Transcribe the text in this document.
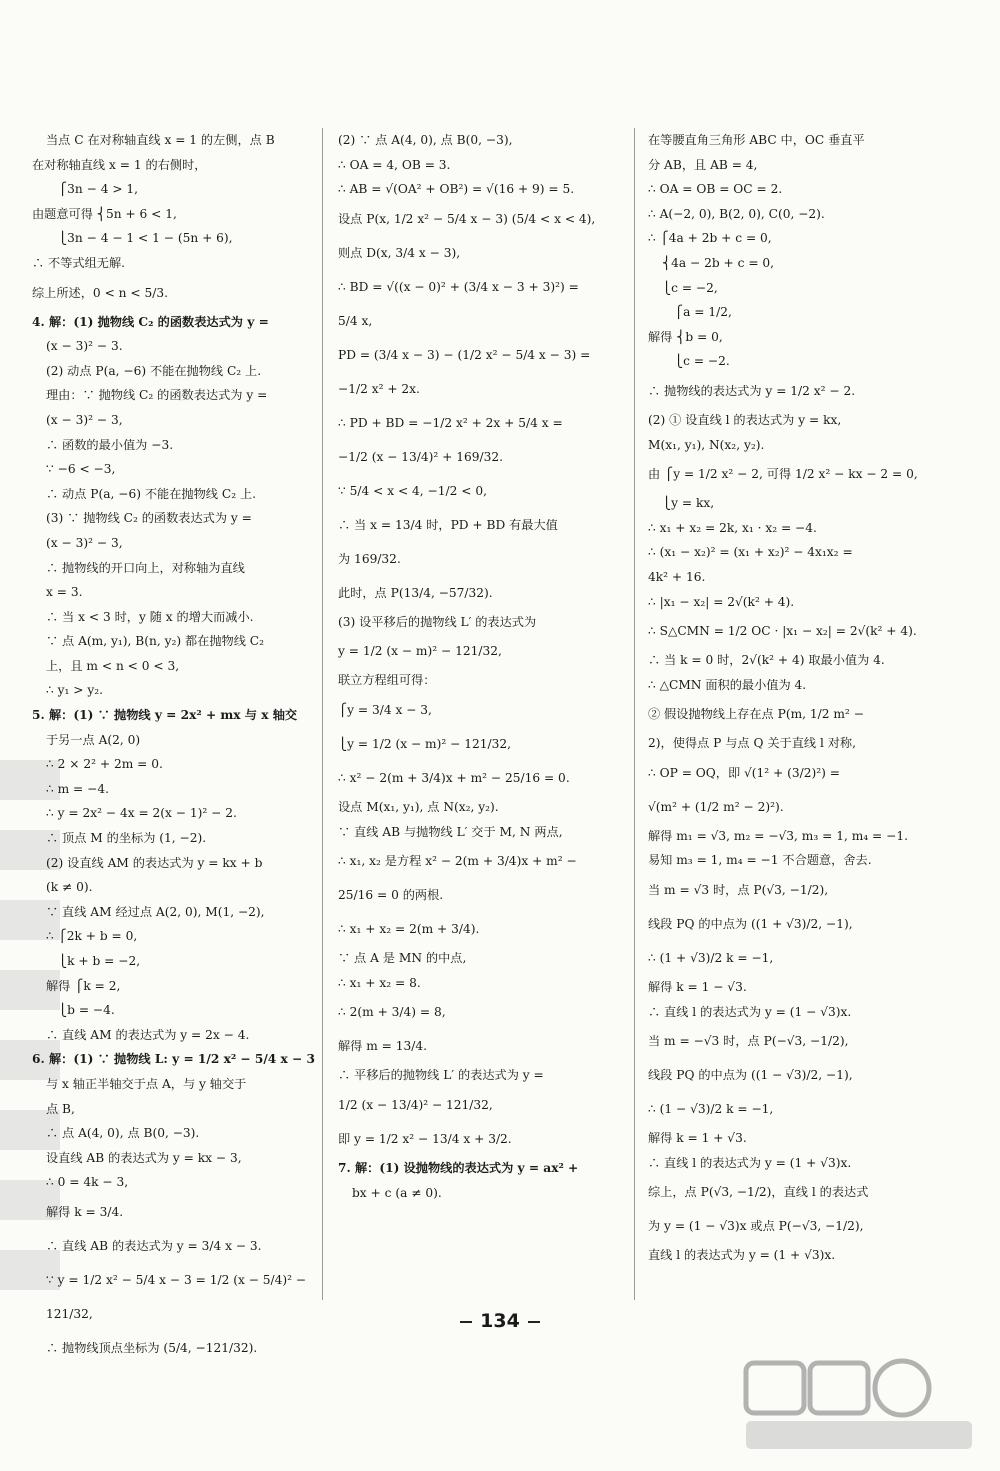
当点 C 在对称轴直线 x = 1 的左侧，点 B
在对称轴直线 x = 1 的右侧时，
⎧3n − 4 > 1,
由题意可得 ⎨5n + 6 < 1,
⎩3n − 4 − 1 < 1 − (5n + 6),
∴ 不等式组无解.
综上所述，0 < n < 5/3.
4. 解：(1) 抛物线 C₂ 的函数表达式为 y =
(x − 3)² − 3.
(2) 动点 P(a, −6) 不能在抛物线 C₂ 上.
理由：∵ 抛物线 C₂ 的函数表达式为 y =
(x − 3)² − 3,
∴ 函数的最小值为 −3.
∵ −6 < −3,
∴ 动点 P(a, −6) 不能在抛物线 C₂ 上.
(3) ∵ 抛物线 C₂ 的函数表达式为 y =
(x − 3)² − 3,
∴ 抛物线的开口向上，对称轴为直线
x = 3.
∴ 当 x < 3 时，y 随 x 的增大而减小.
∵ 点 A(m, y₁), B(n, y₂) 都在抛物线 C₂
上，且 m < n < 0 < 3,
∴ y₁ > y₂.
5. 解：(1) ∵ 抛物线 y = 2x² + mx 与 x 轴交
于另一点 A(2, 0)
∴ 2 × 2² + 2m = 0.
∴ m = −4.
∴ y = 2x² − 4x = 2(x − 1)² − 2.
∴ 顶点 M 的坐标为 (1, −2).
(2) 设直线 AM 的表达式为 y = kx + b
(k ≠ 0).
∵ 直线 AM 经过点 A(2, 0), M(1, −2),
∴ ⎧2k + b = 0,
⎩k + b = −2,
解得 ⎧k = 2,
⎩b = −4.
∴ 直线 AM 的表达式为 y = 2x − 4.
6. 解：(1) ∵ 抛物线 L: y = 1/2 x² − 5/4 x − 3
与 x 轴正半轴交于点 A，与 y 轴交于
点 B,
∴ 点 A(4, 0), 点 B(0, −3).
设直线 AB 的表达式为 y = kx − 3,
∴ 0 = 4k − 3,
解得 k = 3/4.
∴ 直线 AB 的表达式为 y = 3/4 x − 3.
∵ y = 1/2 x² − 5/4 x − 3 = 1/2 (x − 5/4)² −
121/32,
∴ 抛物线顶点坐标为 (5/4, −121/32).
(2) ∵ 点 A(4, 0), 点 B(0, −3),
∴ OA = 4, OB = 3.
∴ AB = √(OA² + OB²) = √(16 + 9) = 5.
设点 P(x, 1/2 x² − 5/4 x − 3) (5/4 < x < 4),
则点 D(x, 3/4 x − 3),
∴ BD = √((x − 0)² + (3/4 x − 3 + 3)²) =
5/4 x,
PD = (3/4 x − 3) − (1/2 x² − 5/4 x − 3) =
−1/2 x² + 2x.
∴ PD + BD = −1/2 x² + 2x + 5/4 x =
−1/2 (x − 13/4)² + 169/32.
∵ 5/4 < x < 4, −1/2 < 0,
∴ 当 x = 13/4 时，PD + BD 有最大值
为 169/32.
此时，点 P(13/4, −57/32).
(3) 设平移后的抛物线 L′ 的表达式为
y = 1/2 (x − m)² − 121/32,
联立方程组可得：
⎧y = 3/4 x − 3,
⎩y = 1/2 (x − m)² − 121/32,
∴ x² − 2(m + 3/4)x + m² − 25/16 = 0.
设点 M(x₁, y₁), 点 N(x₂, y₂).
∵ 直线 AB 与抛物线 L′ 交于 M, N 两点,
∴ x₁, x₂ 是方程 x² − 2(m + 3/4)x + m² −
25/16 = 0 的两根.
∴ x₁ + x₂ = 2(m + 3/4).
∵ 点 A 是 MN 的中点,
∴ x₁ + x₂ = 8.
∴ 2(m + 3/4) = 8,
解得 m = 13/4.
∴ 平移后的抛物线 L′ 的表达式为 y =
1/2 (x − 13/4)² − 121/32,
即 y = 1/2 x² − 13/4 x + 3/2.
7. 解：(1) 设抛物线的表达式为 y = ax² +
bx + c (a ≠ 0).
在等腰直角三角形 ABC 中，OC 垂直平
分 AB，且 AB = 4,
∴ OA = OB = OC = 2.
∴ A(−2, 0), B(2, 0), C(0, −2).
∴ ⎧4a + 2b + c = 0,
⎨4a − 2b + c = 0,
⎩c = −2,
⎧a = 1/2,
解得 ⎨b = 0,
⎩c = −2.
∴ 抛物线的表达式为 y = 1/2 x² − 2.
(2) ① 设直线 l 的表达式为 y = kx,
M(x₁, y₁), N(x₂, y₂).
由 ⎧y = 1/2 x² − 2, 可得 1/2 x² − kx − 2 = 0,
⎩y = kx,
∴ x₁ + x₂ = 2k, x₁ · x₂ = −4.
∴ (x₁ − x₂)² = (x₁ + x₂)² − 4x₁x₂ =
4k² + 16.
∴ |x₁ − x₂| = 2√(k² + 4).
∴ S△CMN = 1/2 OC · |x₁ − x₂| = 2√(k² + 4).
∴ 当 k = 0 时，2√(k² + 4) 取最小值为 4.
∴ △CMN 面积的最小值为 4.
② 假设抛物线上存在点 P(m, 1/2 m² −
2)，使得点 P 与点 Q 关于直线 l 对称,
∴ OP = OQ，即 √(1² + (3/2)²) =
√(m² + (1/2 m² − 2)²).
解得 m₁ = √3, m₂ = −√3, m₃ = 1, m₄ = −1.
易知 m₃ = 1, m₄ = −1 不合题意，舍去.
当 m = √3 时，点 P(√3, −1/2),
线段 PQ 的中点为 ((1 + √3)/2, −1),
∴ (1 + √3)/2 k = −1,
解得 k = 1 − √3.
∴ 直线 l 的表达式为 y = (1 − √3)x.
当 m = −√3 时，点 P(−√3, −1/2),
线段 PQ 的中点为 ((1 − √3)/2, −1),
∴ (1 − √3)/2 k = −1,
解得 k = 1 + √3.
∴ 直线 l 的表达式为 y = (1 + √3)x.
综上，点 P(√3, −1/2)，直线 l 的表达式
为 y = (1 − √3)x 或点 P(−√3, −1/2),
直线 l 的表达式为 y = (1 + √3)x.
134
